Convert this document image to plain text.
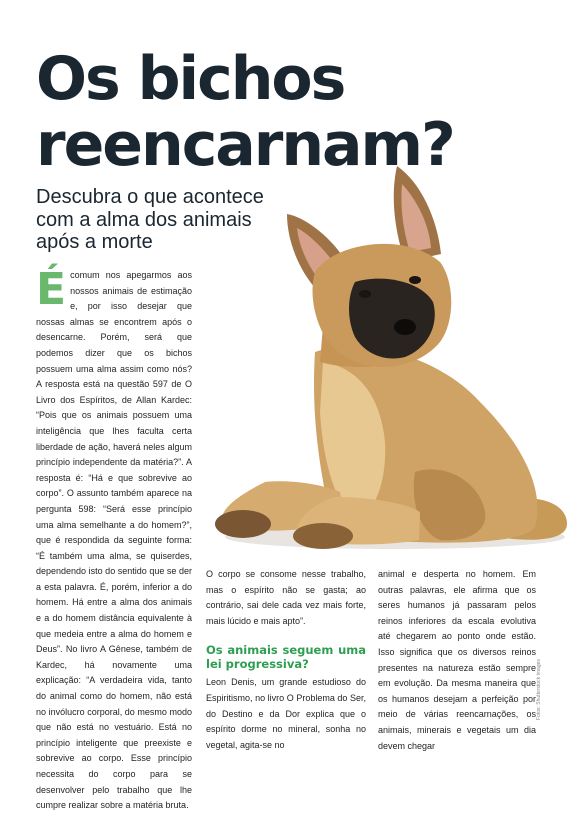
Os bichos
reencarnam?

Descubra o que acontece com a alma dos animais após a morte

Écomum nos apegarmos aos nossos animais de estimação e, por isso desejar que nossas almas se encontrem após o desencarne. Porém, será que podemos dizer que os bichos possuem uma alma assim como nós? A resposta está na questão 597 de O Livro dos Espíritos, de Allan Kardec: “Pois que os animais possuem uma inteligência que lhes faculta certa liberdade de ação, haverá neles algum princípio independente da matéria?”. A resposta é: “Há e que sobrevive ao corpo”. O assunto também aparece na pergunta 598: “Será esse princípio uma alma semelhante a do homem?”, que é respondida da seguinte forma: “É também uma alma, se quiserdes, dependendo isto do sentido que se der a esta palavra. É, porém, inferior a do homem. Há entre a alma dos animais e a do homem distância equivalente à que medeia entre a alma do homem e Deus”. No livro A Gênese, também de Kardec, há novamente uma explicação: “A verdadeira vida, tanto do animal como do homem, não está no invólucro corporal, do mesmo modo que não está no vestuário. Está no princípio inteligente que preexiste e sobrevive ao corpo. Esse princípio necessita do corpo para se desenvolver pelo trabalho que lhe cumpre realizar sobre a matéria bruta.

O corpo se consome nesse trabalho, mas o espírito não se gasta; ao contrário, sai dele cada vez mais forte, mais lúcido e mais apto”.

Os animais seguem uma lei progressiva?

Leon Denis, um grande estudioso do Espiritismo, no livro O Problema do Ser, do Destino e da Dor explica que o espírito dorme no mineral, sonha no vegetal, agita-se no

animal e desperta no homem. Em outras palavras, ele afirma que os seres humanos já passaram pelos reinos inferiores da escala evolutiva até chegarem ao ponto onde estão. Isso significa que os diversos reinos presentes na natureza estão sempre em evolução. Da mesma maneira que os humanos desejam a perfeição por meio de várias reencarnações, os animais, minerais e vegetais um dia devem chegar

Fotos: Shutterstock Images
